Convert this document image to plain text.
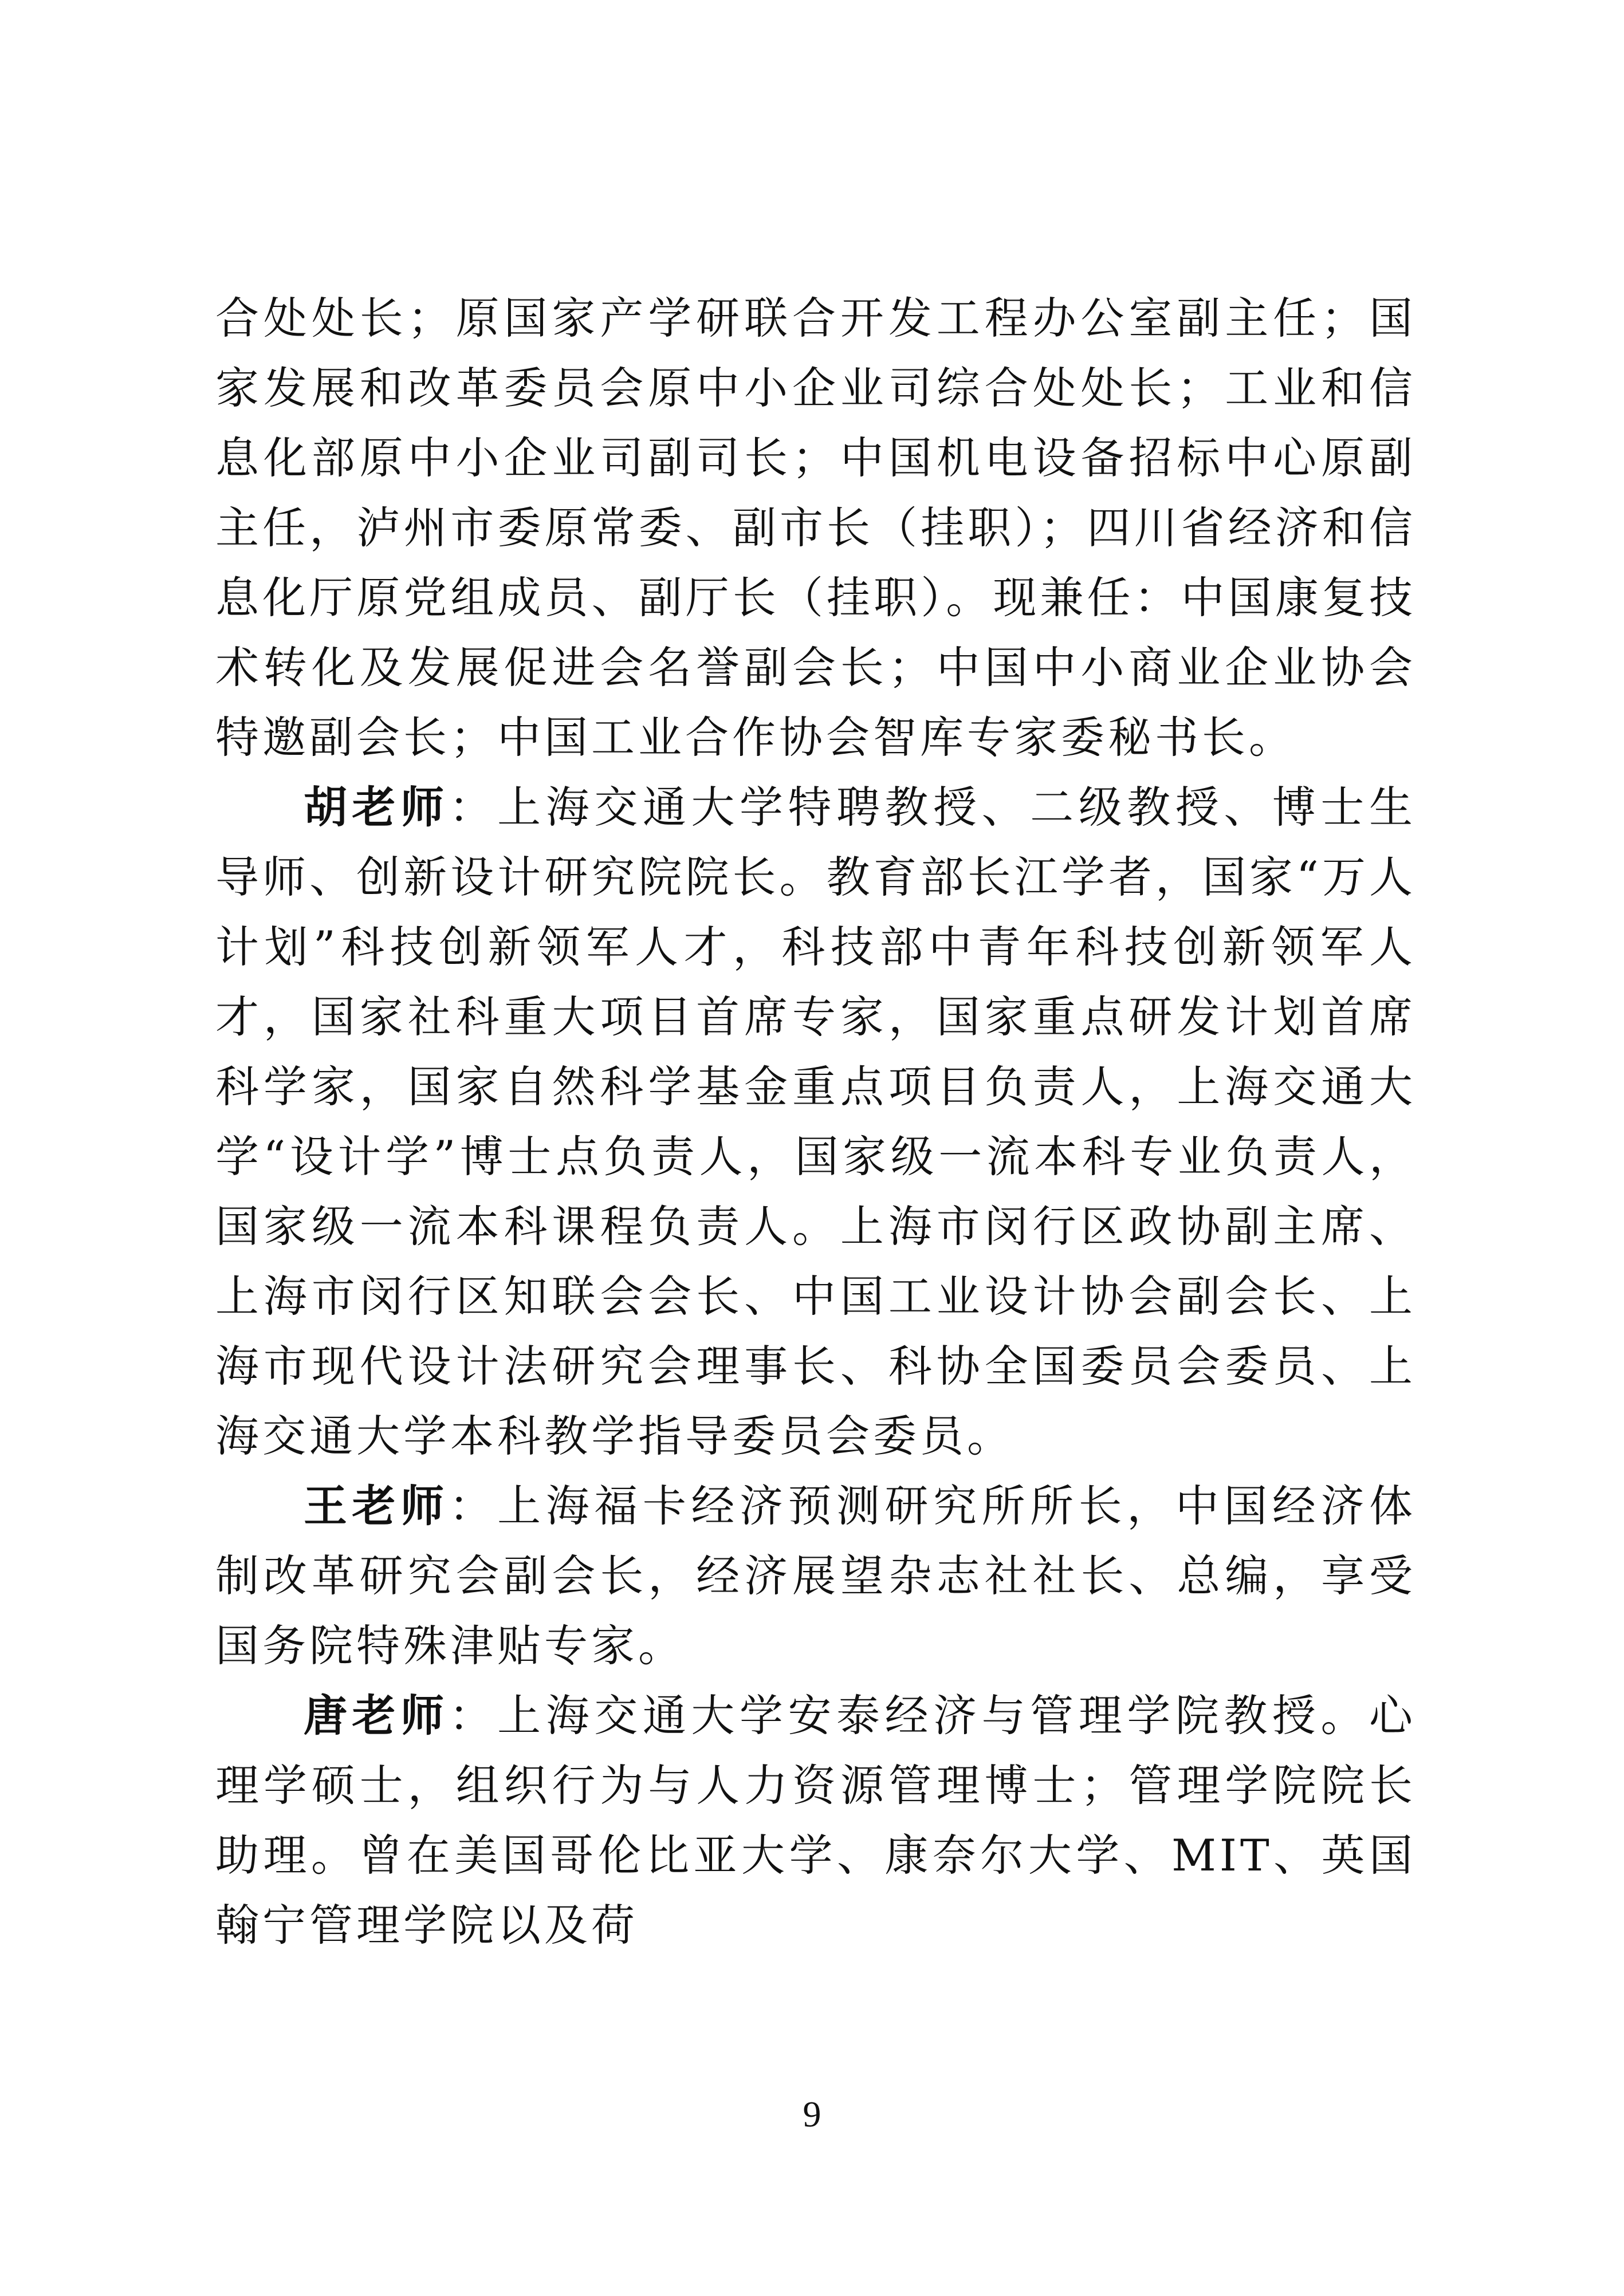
合处处长；原国家产学研联合开发工程办公室副主任；国家发展和改革委员会原中小企业司综合处处长；工业和信息化部原中小企业司副司长；中国机电设备招标中心原副主任，泸州市委原常委、副市长（挂职）；四川省经济和信息化厅原党组成员、副厅长（挂职）。现兼任：中国康复技术转化及发展促进会名誉副会长；中国中小商业企业协会特邀副会长；中国工业合作协会智库专家委秘书长。

胡老师：上海交通大学特聘教授、二级教授、博士生导师、创新设计研究院院长。教育部长江学者，国家“万人计划”科技创新领军人才，科技部中青年科技创新领军人才，国家社科重大项目首席专家，国家重点研发计划首席科学家，国家自然科学基金重点项目负责人，上海交通大学“设计学”博士点负责人，国家级一流本科专业负责人，国家级一流本科课程负责人。上海市闵行区政协副主席、上海市闵行区知联会会长、中国工业设计协会副会长、上海市现代设计法研究会理事长、科协全国委员会委员、上海交通大学本科教学指导委员会委员。

王老师：上海福卡经济预测研究所所长，中国经济体制改革研究会副会长，经济展望杂志社社长、总编，享受国务院特殊津贴专家。

唐老师：上海交通大学安泰经济与管理学院教授。心理学硕士，组织行为与人力资源管理博士；管理学院院长助理。曾在美国哥伦比亚大学、康奈尔大学、MIT、英国翰宁管理学院以及荷

9
